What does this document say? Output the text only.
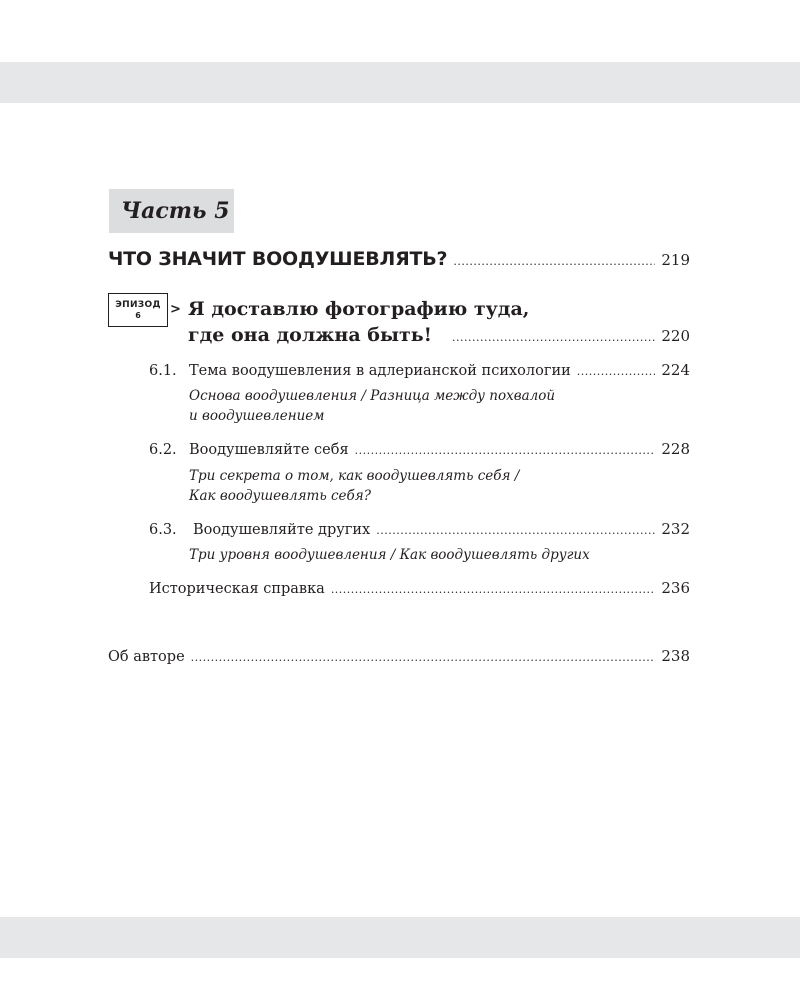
Часть 5
ЧТО ЗНАЧИТ ВООДУШЕВЛЯТЬ? .....	219
ЭПИЗОД
6	> Я доставлю фотографию туда,
где она должна быть! .....	220
6.1. Тема воодушевления в адлерианской психологии .....	224
Основа воодушевления / Разница между похвалой
и воодушевлением
6.2. Воодушевляйте себя .....	228
Три секрета о том, как воодушевлять себя /
Как воодушевлять себя?
6.3. Воодушевляйте других .....	232
Три уровня воодушевления / Как воодушевлять других
Историческая справка .....	236
Об авторе .....	238
